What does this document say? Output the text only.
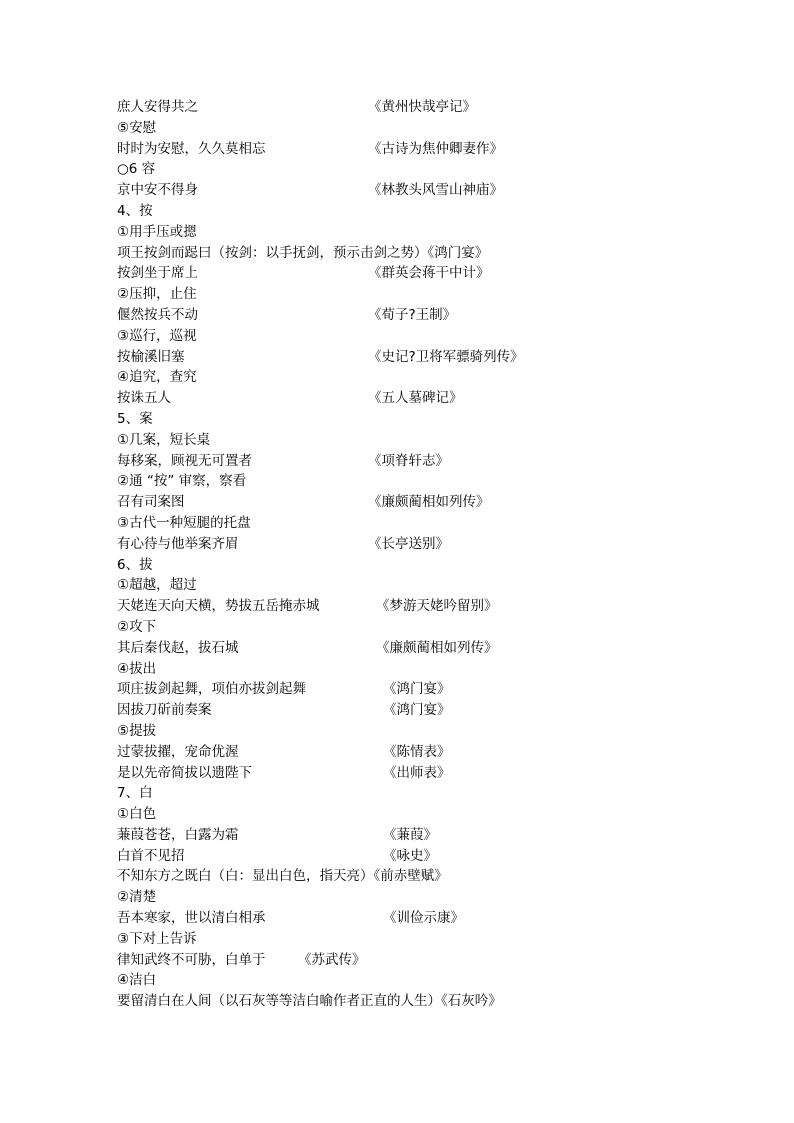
庶人安得共之	《黄州快哉亭记》
⑤安慰
时时为安慰，久久莫相忘	《古诗为焦仲卿妻作》
○6 容
京中安不得身	《林教头风雪山神庙》
4、按
①用手压或摁
项王按剑而跽曰（按剑：以手抚剑，预示击剑之势）《鸿门宴》
按剑坐于席上	《群英会蒋干中计》
②压抑，止住
偃然按兵不动	《荀子?王制》
③巡行，巡视
按榆溪旧塞	《史记?卫将军骠骑列传》
④追究，查究
按诛五人	《五人墓碑记》
5、案
①几案，短长桌
每移案，顾视无可置者	《项脊轩志》
②通 “按” 审察，察看
召有司案图	《廉颇蔺相如列传》
③古代一种短腿的托盘
有心待与他举案齐眉	《长亭送别》
6、拔
①超越，超过
天姥连天向天横，势拔五岳掩赤城	《梦游天姥吟留别》
②攻下
其后秦伐赵，拔石城	《廉颇蔺相如列传》
④拔出
项庄拔剑起舞，项伯亦拔剑起舞	《鸿门宴》
因拔刀斫前奏案	《鸿门宴》
⑤提拔
过蒙拔擢，宠命优渥	《陈情表》
是以先帝简拔以遗陛下	《出师表》
7、白
①白色
蒹葭苍苍，白露为霜	《蒹葭》
白首不见招	《咏史》
不知东方之既白（白：显出白色，指天亮）《前赤壁赋》
②清楚
吾本寒家，世以清白相承	《训俭示康》
③下对上告诉
律知武终不可胁，白单于 《苏武传》
④洁白
要留清白在人间（以石灰等等洁白喻作者正直的人生）《石灰吟》
